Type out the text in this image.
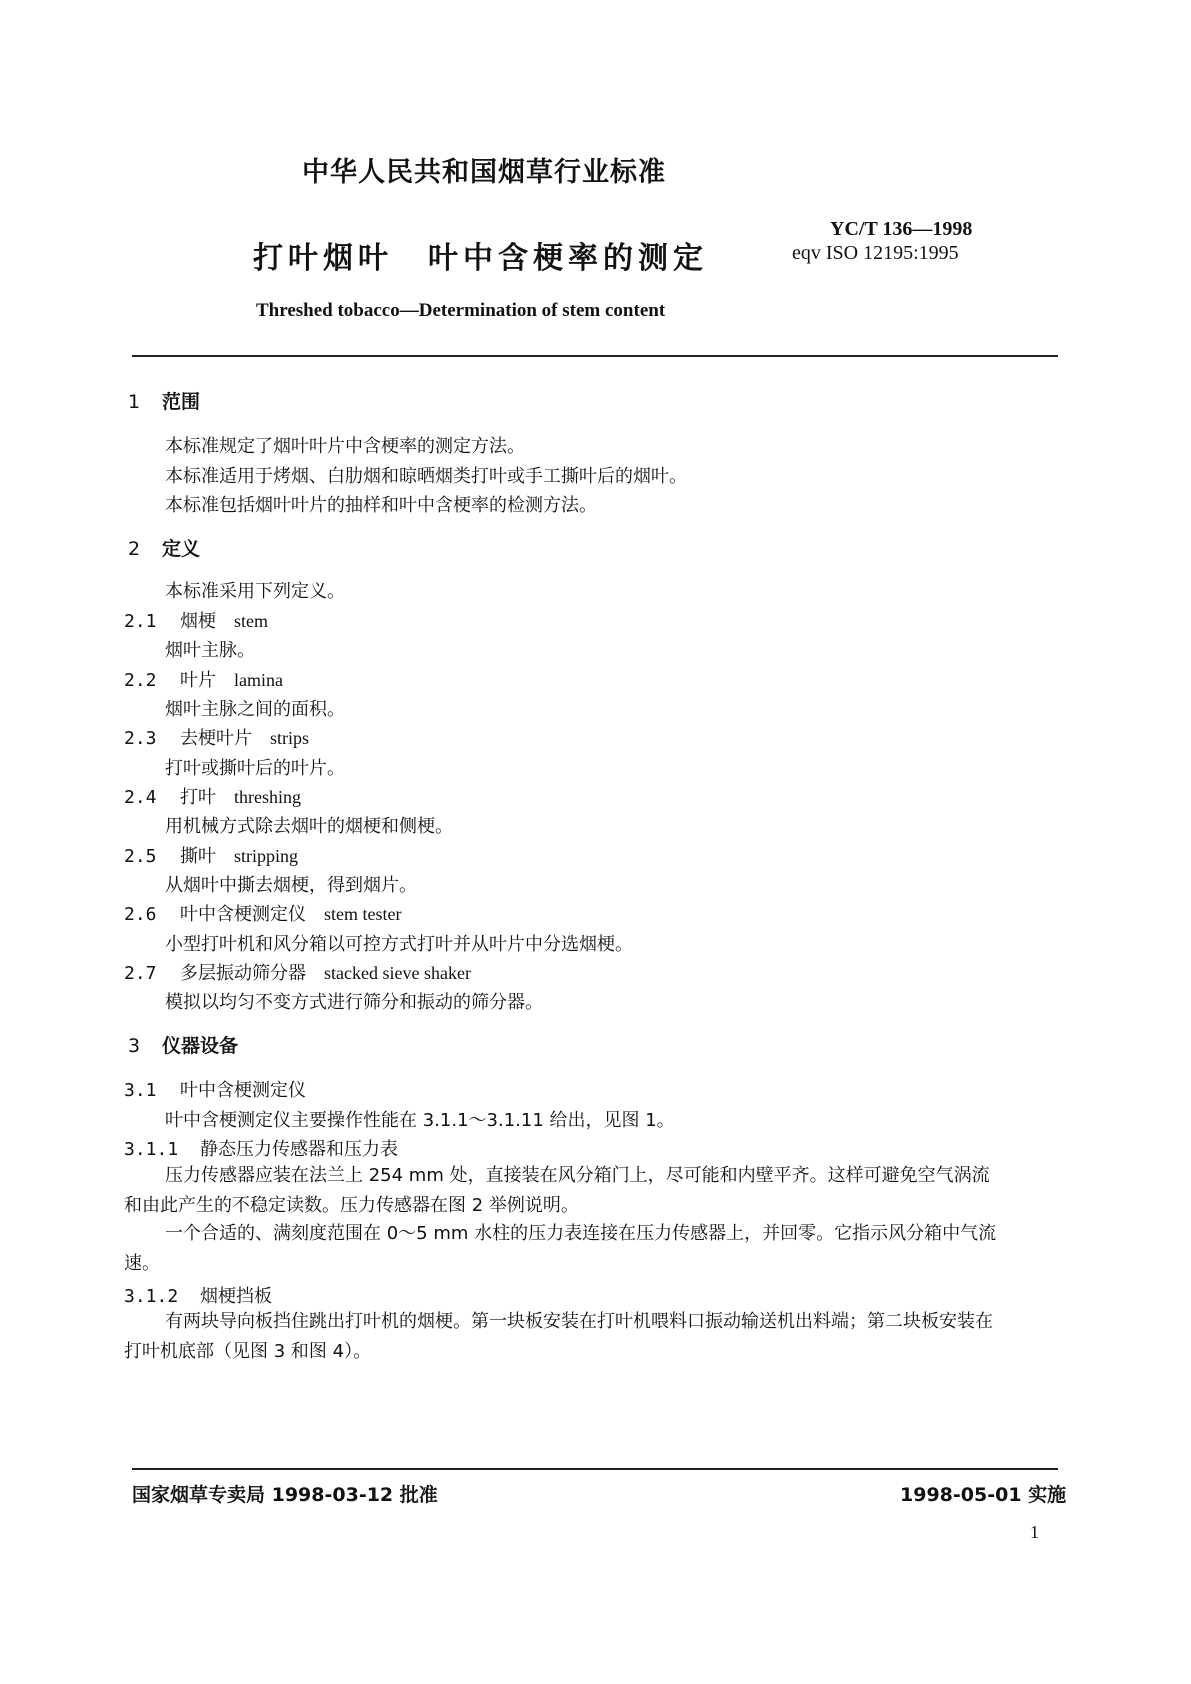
中华人民共和国烟草行业标准
打叶烟叶　叶中含梗率的测定
YC/T 136—1998
eqv ISO 12195:1995
Threshed tobacco—Determination of stem content
1 范围
本标准规定了烟叶叶片中含梗率的测定方法。
本标准适用于烤烟、白肋烟和晾晒烟类打叶或手工撕叶后的烟叶。
本标准包括烟叶叶片的抽样和叶中含梗率的检测方法。
2 定义
本标准采用下列定义。
2.1 烟梗 stem
烟叶主脉。
2.2 叶片 lamina
烟叶主脉之间的面积。
2.3 去梗叶片 strips
打叶或撕叶后的叶片。
2.4 打叶 threshing
用机械方式除去烟叶的烟梗和侧梗。
2.5 撕叶 stripping
从烟叶中撕去烟梗，得到烟片。
2.6 叶中含梗测定仪 stem tester
小型打叶机和风分箱以可控方式打叶并从叶片中分选烟梗。
2.7 多层振动筛分器 stacked sieve shaker
模拟以均匀不变方式进行筛分和振动的筛分器。
3 仪器设备
3.1 叶中含梗测定仪
叶中含梗测定仪主要操作性能在 3.1.1～3.1.11 给出，见图 1。
3.1.1 静态压力传感器和压力表
压力传感器应装在法兰上 254 mm 处，直接装在风分箱门上，尽可能和内壁平齐。这样可避免空气涡流和由此产生的不稳定读数。压力传感器在图 2 举例说明。
一个合适的、满刻度范围在 0～5 mm 水柱的压力表连接在压力传感器上，并回零。它指示风分箱中气流速。
3.1.2 烟梗挡板
有两块导向板挡住跳出打叶机的烟梗。第一块板安装在打叶机喂料口振动输送机出料端；第二块板安装在打叶机底部（见图 3 和图 4）。
国家烟草专卖局 1998-03-12 批准	1998-05-01 实施
1
